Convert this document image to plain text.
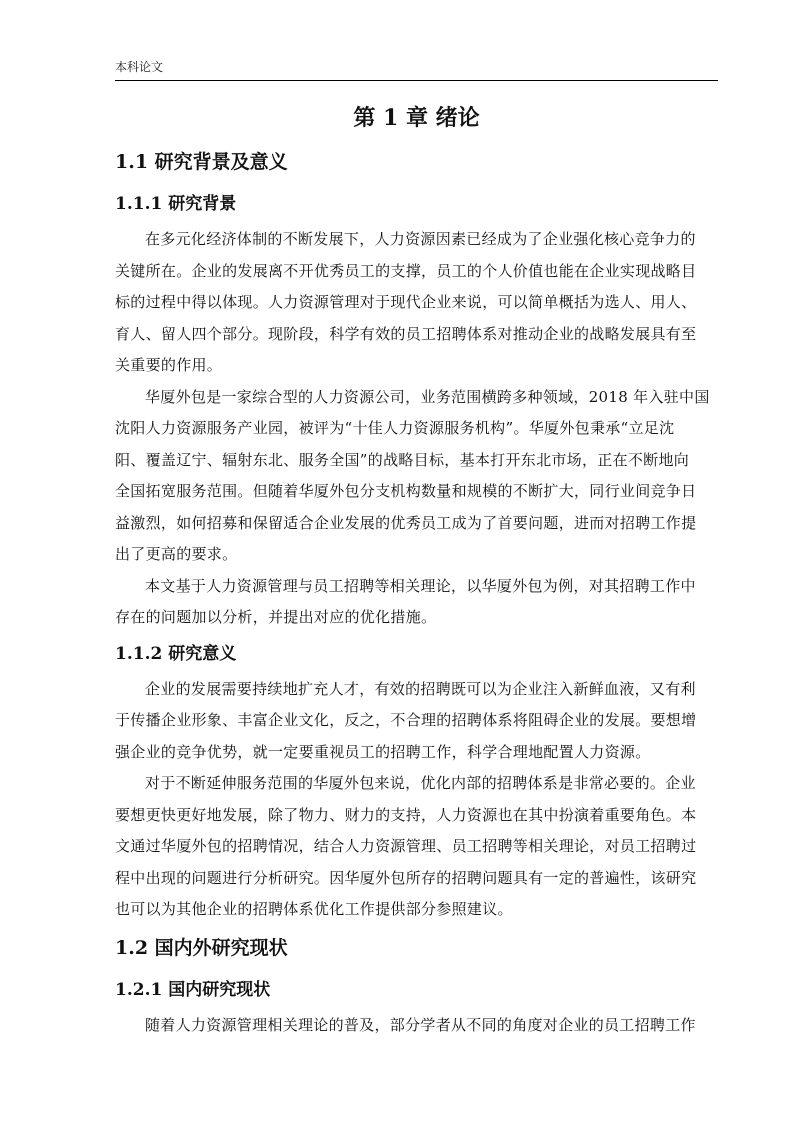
本科论文
第 1 章 绪论
1.1 研究背景及意义
1.1.1 研究背景

在多元化经济体制的不断发展下，人力资源因素已经成为了企业强化核心竞争力的
关键所在。企业的发展离不开优秀员工的支撑，员工的个人价值也能在企业实现战略目
标的过程中得以体现。人力资源管理对于现代企业来说，可以简单概括为选人、用人、
育人、留人四个部分。现阶段，科学有效的员工招聘体系对推动企业的战略发展具有至
关重要的作用。

华厦外包是一家综合型的人力资源公司，业务范围横跨多种领域，2018 年入驻中国
沈阳人力资源服务产业园，被评为“十佳人力资源服务机构”。华厦外包秉承“立足沈
阳、覆盖辽宁、辐射东北、服务全国”的战略目标，基本打开东北市场，正在不断地向
全国拓宽服务范围。但随着华厦外包分支机构数量和规模的不断扩大，同行业间竞争日
益激烈，如何招募和保留适合企业发展的优秀员工成为了首要问题，进而对招聘工作提
出了更高的要求。

本文基于人力资源管理与员工招聘等相关理论，以华厦外包为例，对其招聘工作中
存在的问题加以分析，并提出对应的优化措施。

1.1.2 研究意义

企业的发展需要持续地扩充人才，有效的招聘既可以为企业注入新鲜血液，又有利
于传播企业形象、丰富企业文化，反之，不合理的招聘体系将阻碍企业的发展。要想增
强企业的竞争优势，就一定要重视员工的招聘工作，科学合理地配置人力资源。

对于不断延伸服务范围的华厦外包来说，优化内部的招聘体系是非常必要的。企业
要想更快更好地发展，除了物力、财力的支持，人力资源也在其中扮演着重要角色。本
文通过华厦外包的招聘情况，结合人力资源管理、员工招聘等相关理论，对员工招聘过
程中出现的问题进行分析研究。因华厦外包所存的招聘问题具有一定的普遍性，该研究
也可以为其他企业的招聘体系优化工作提供部分参照建议。

1.2 国内外研究现状
1.2.1 国内研究现状

随着人力资源管理相关理论的普及，部分学者从不同的角度对企业的员工招聘工作
